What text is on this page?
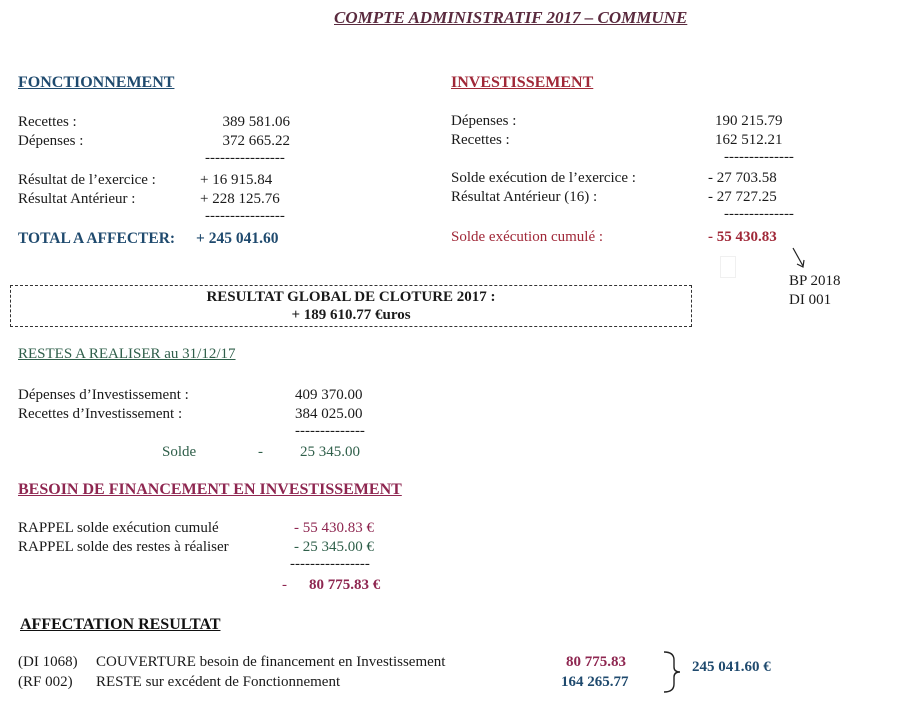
COMPTE ADMINISTRATIF 2017 – COMMUNE
FONCTIONNEMENT
Recettes :	389 581.06
Dépenses :	372 665.22
----------------
Résultat de l’exercice :	+ 16 915.84
Résultat Antérieur :	+ 228 125.76
----------------
TOTAL A AFFECTER: + 245 041.60
INVESTISSEMENT
Dépenses :	190 215.79
Recettes :	162 512.21
--------------
Solde exécution de l’exercice :	- 27 703.58
Résultat Antérieur (16) :	- 27 727.25
--------------
Solde exécution cumulé :	- 55 430.83
BP 2018
DI 001
RESULTAT GLOBAL DE CLOTURE 2017 :
+ 189 610.77 €uros
RESTES A REALISER au 31/12/17
Dépenses d’Investissement :	409 370.00
Recettes d’Investissement :	384 025.00
--------------
Solde	- 25 345.00
BESOIN DE FINANCEMENT EN INVESTISSEMENT
RAPPEL solde exécution cumulé	- 55 430.83 €
RAPPEL solde des restes à réaliser	- 25 345.00 €
----------------
- 80 775.83 €
AFFECTATION RESULTAT
(DI 1068) COUVERTURE besoin de financement en Investissement	80 775.83
(RF 002) RESTE sur excédent de Fonctionnement	164 265.77
245 041.60 €
